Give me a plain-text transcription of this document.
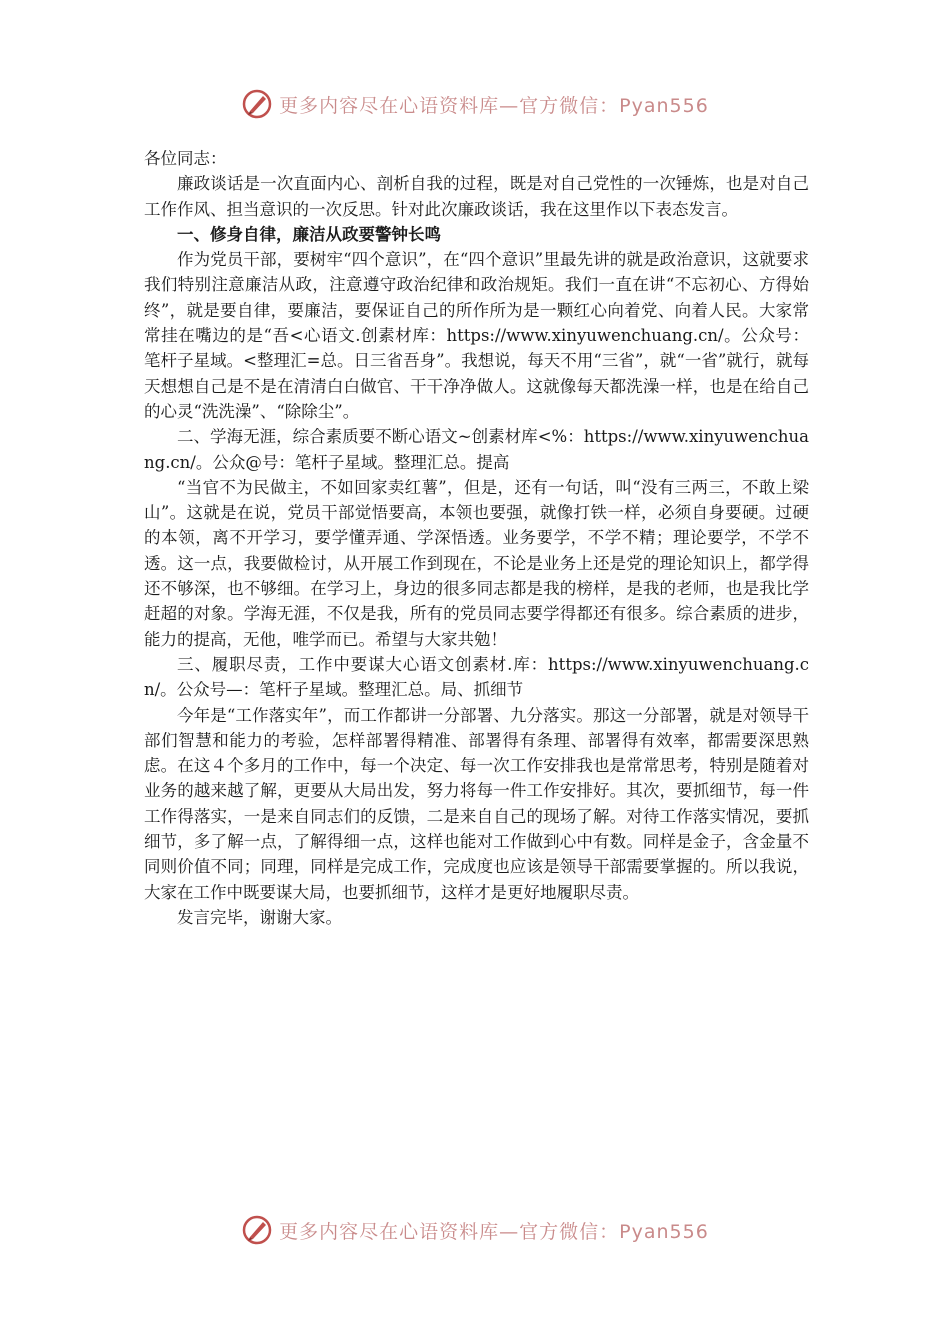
更多内容尽在心语资料库—官方微信：Pyan556

各位同志：

廉政谈话是一次直面内心、剖析自我的过程，既是对自己党性的一次锤炼，也是对自己工作作风、担当意识的一次反思。针对此次廉政谈话，我在这里作以下表态发言。

一、修身自律，廉洁从政要警钟长鸣

作为党员干部，要树牢“四个意识”，在“四个意识”里最先讲的就是政治意识，这就要求我们特别注意廉洁从政，注意遵守政治纪律和政治规矩。我们一直在讲“不忘初心、方得始终”，就是要自律，要廉洁，要保证自己的所作所为是一颗红心向着党、向着人民。大家常常挂在嘴边的是“吾<心语文.创素材库：https://www.xinyuwenchuang.cn/。公众号：笔杆子星域。<整理汇=总。日三省吾身”。我想说，每天不用“三省”，就“一省”就行，就每天想想自己是不是在清清白白做官、干干净净做人。这就像每天都洗澡一样，也是在给自己的心灵“洗洗澡”、“除除尘”。

二、学海无涯，综合素质要不断心语文~创素材库<%：https://www.xinyuwenchuang.cn/。公众@号：笔杆子星域。整理汇总。提高

“当官不为民做主，不如回家卖红薯”，但是，还有一句话，叫“没有三两三，不敢上梁山”。这就是在说，党员干部觉悟要高，本领也要强，就像打铁一样，必须自身要硬。过硬的本领，离不开学习，要学懂弄通、学深悟透。业务要学，不学不精；理论要学，不学不透。这一点，我要做检讨，从开展工作到现在，不论是业务上还是党的理论知识上，都学得还不够深，也不够细。在学习上，身边的很多同志都是我的榜样，是我的老师，也是我比学赶超的对象。学海无涯，不仅是我，所有的党员同志要学得都还有很多。综合素质的进步，能力的提高，无他，唯学而已。希望与大家共勉！

三、履职尽责，工作中要谋大心语文创素材.库：https://www.xinyuwenchuang.cn/。公众号—：笔杆子星域。整理汇总。局、抓细节

今年是“工作落实年”，而工作都讲一分部署、九分落实。那这一分部署，就是对领导干部们智慧和能力的考验，怎样部署得精准、部署得有条理、部署得有效率，都需要深思熟虑。在这４个多月的工作中，每一个决定、每一次工作安排我也是常常思考，特别是随着对业务的越来越了解，更要从大局出发，努力将每一件工作安排好。其次，要抓细节，每一件工作得落实，一是来自同志们的反馈，二是来自自己的现场了解。对待工作落实情况，要抓细节，多了解一点，了解得细一点，这样也能对工作做到心中有数。同样是金子，含金量不同则价值不同；同理，同样是完成工作，完成度也应该是领导干部需要掌握的。所以我说，大家在工作中既要谋大局，也要抓细节，这样才是更好地履职尽责。

发言完毕，谢谢大家。

更多内容尽在心语资料库—官方微信：Pyan556
